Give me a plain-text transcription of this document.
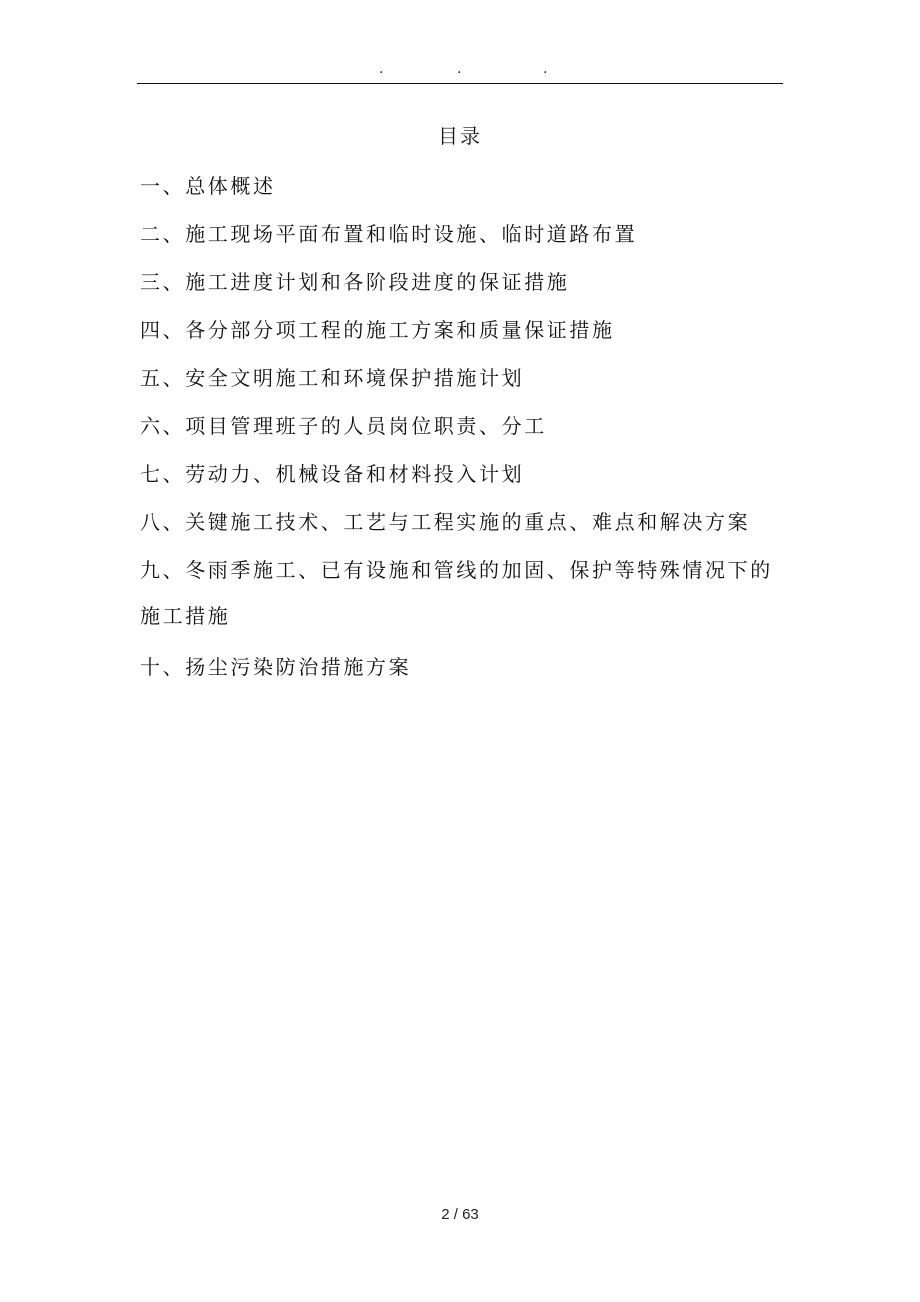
.	.	.
目录
一、总体概述
二、施工现场平面布置和临时设施、临时道路布置
三、施工进度计划和各阶段进度的保证措施
四、各分部分项工程的施工方案和质量保证措施
五、安全文明施工和环境保护措施计划
六、项目管理班子的人员岗位职责、分工
七、劳动力、机械设备和材料投入计划
八、关键施工技术、工艺与工程实施的重点、难点和解决方案
九、冬雨季施工、已有设施和管线的加固、保护等特殊情况下的施工措施
十、扬尘污染防治措施方案
2 / 63
